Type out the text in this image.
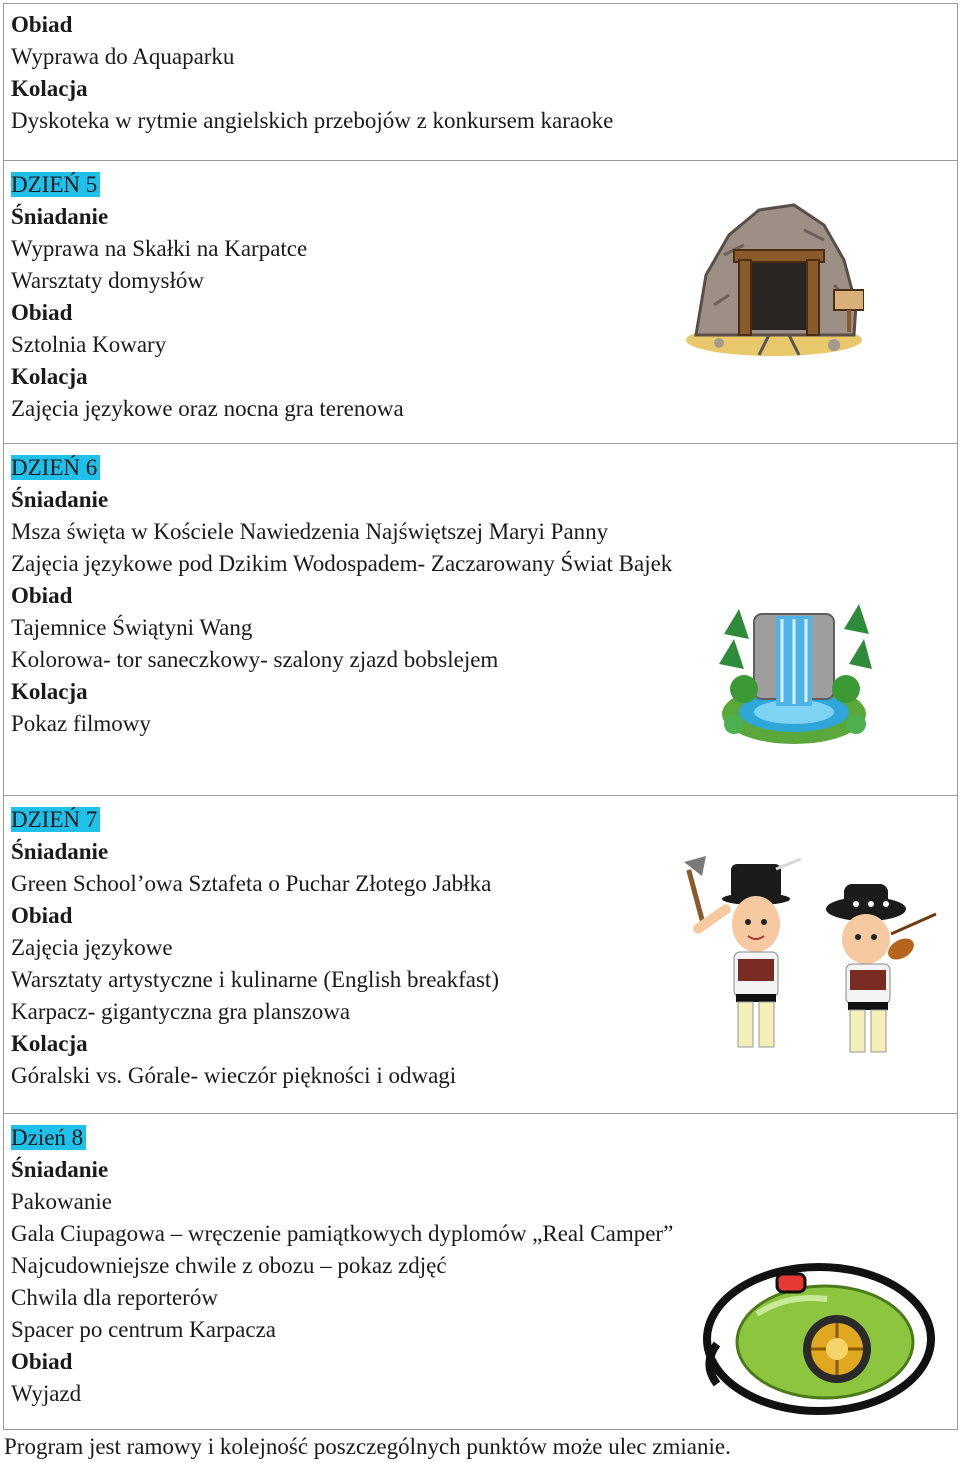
Obiad
Wyprawa do Aquaparku
Kolacja
Dyskoteka w rytmie angielskich przebojów z konkursem karaoke
DZIEŃ 5
Śniadanie
Wyprawa na Skałki na Karpatce
Warsztaty domysłów
Obiad
Sztolnia Kowary
Kolacja
Zajęcia językowe oraz nocna gra terenowa
DZIEŃ 6
Śniadanie
Msza święta w Kościele Nawiedzenia Najświętszej Maryi Panny
Zajęcia językowe pod Dzikim Wodospadem- Zaczarowany Świat Bajek
Obiad
Tajemnice Świątyni Wang
Kolorowa- tor saneczkowy- szalony zjazd bobslejem
Kolacja
Pokaz filmowy
DZIEŃ 7
Śniadanie
Green School’owa Sztafeta o Puchar Złotego Jabłka
Obiad
Zajęcia językowe
Warsztaty artystyczne i kulinarne (English breakfast)
Karpacz- gigantyczna gra planszowa
Kolacja
Góralski vs. Górale- wieczór piękności i odwagi
Dzień 8
Śniadanie
Pakowanie
Gala Ciupagowa – wręczenie pamiątkowych dyplomów „Real Camper”
Najcudowniejsze chwile z obozu – pokaz zdjęć
Chwila dla reporterów
Spacer po centrum Karpacza
Obiad
Wyjazd
Program jest ramowy i kolejność poszczególnych punktów może ulec zmianie.
